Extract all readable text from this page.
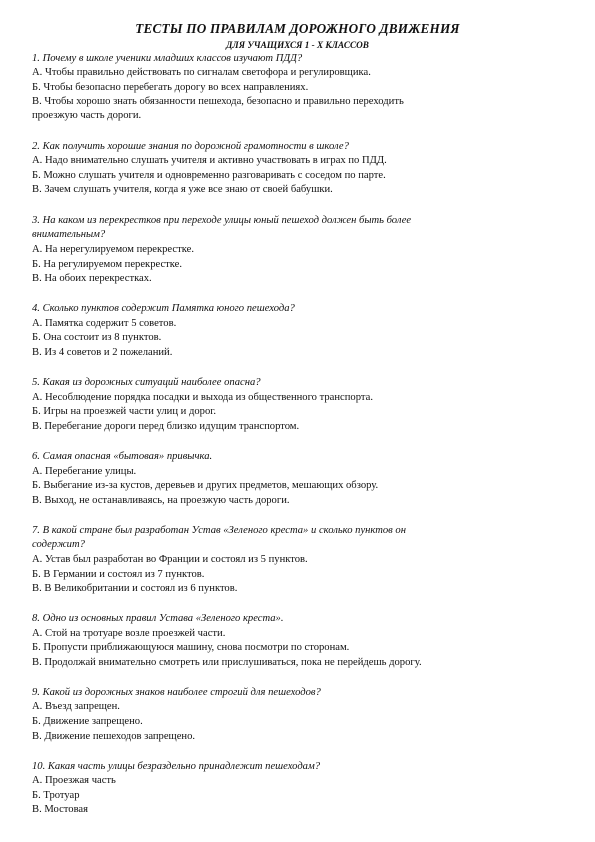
ТЕСТЫ ПО ПРАВИЛАМ ДОРОЖНОГО ДВИЖЕНИЯ
ДЛЯ УЧАЩИХСЯ 1 - Х КЛАССОВ
1. Почему в школе ученики младших классов изучают ПДД?
А. Чтобы правильно действовать по сигналам светофора и регулировщика.
Б. Чтобы безопасно перебегать дорогу во всех направлениях.
В. Чтобы хорошо знать обязанности пешехода, безопасно и правильно переходить
проезжую часть дороги.
2. Как получить хорошие знания по дорожной грамотности в школе?
А. Надо внимательно слушать учителя и активно участвовать в играх по ПДД.
Б. Можно слушать учителя и одновременно разговаривать с соседом по парте.
В. Зачем слушать учителя, когда я уже все знаю от своей бабушки.
3. На каком из перекрестков при переходе улицы юный пешеход должен быть более
внимательным?
А. На нерегулируемом перекрестке.
Б. На регулируемом перекрестке.
В. На обоих перекрестках.
4. Сколько пунктов содержит Памятка юного пешехода?
А. Памятка содержит 5 советов.
Б. Она состоит из 8 пунктов.
В. Из 4 советов и 2 пожеланий.
5. Какая из дорожных ситуаций наиболее опасна?
А. Несоблюдение порядка посадки и выхода из общественного транспорта.
Б. Игры на проезжей части улиц и дорог.
В. Перебегание дороги перед близко идущим транспортом.
6. Самая опасная «бытовая» привычка.
А. Перебегание улицы.
Б. Выбегание из-за кустов, деревьев и других предметов, мешающих обзору.
В. Выход, не останавливаясь, на проезжую часть дороги.
7. В какой стране был разработан Устав «Зеленого креста» и сколько пунктов он
содержит?
А. Устав был разработан во Франции и состоял из 5 пунктов.
Б. В Германии и состоял из 7 пунктов.
В. В Великобритании и состоял из 6 пунктов.
8. Одно из основных правил Устава «Зеленого креста».
А. Стой на тротуаре возле проезжей части.
Б. Пропусти приближающуюся машину, снова посмотри по сторонам.
В. Продолжай внимательно смотреть или прислушиваться, пока не перейдешь дорогу.
9. Какой из дорожных знаков наиболее строгий для пешеходов?
А. Въезд запрещен.
Б. Движение запрещено.
В. Движение пешеходов запрещено.
10. Какая часть улицы безраздельно принадлежит пешеходам?
А. Проезжая часть
Б. Тротуар
В. Мостовая
